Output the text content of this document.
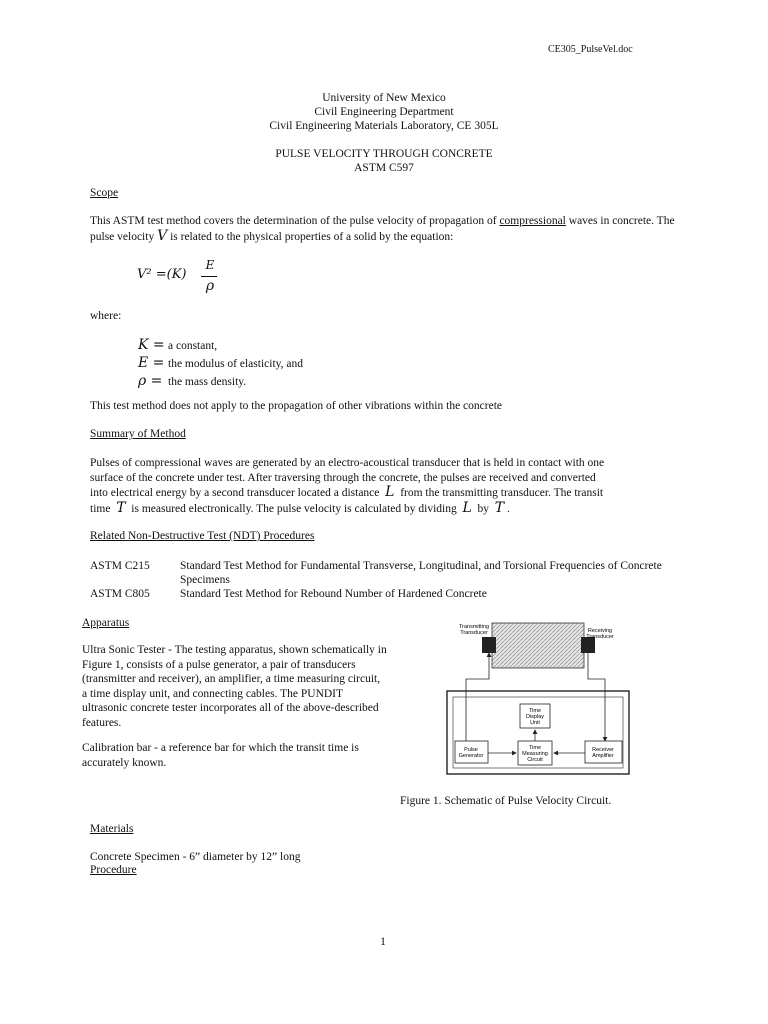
CE305_PulseVel.doc
University of New Mexico
Civil Engineering Department
Civil Engineering Materials Laboratory, CE 305L
PULSE VELOCITY THROUGH CONCRETE
ASTM C597
Scope
This ASTM test method covers the determination of the pulse velocity of propagation of compressional waves in concrete. The pulse velocity V is related to the physical properties of a solid by the equation:
V² =(K)
E
ρ
where:
K = a constant,
E = the modulus of elasticity, and
ρ = the mass density.
This test method does not apply to the propagation of other vibrations within the concrete
Summary of Method
Pulses of compressional waves are generated by an electro-acoustical transducer that is held in contact with one
surface of the concrete under test. After traversing through the concrete, the pulses are received and converted
into electrical energy by a second transducer located a distance L from the transmitting transducer. The transit
time T is measured electronically. The pulse velocity is calculated by dividing L by T .
Related Non-Destructive Test (NDT) Procedures
ASTM C215	Standard Test Method for Fundamental Transverse, Longitudinal, and Torsional Frequencies of Concrete Specimens
ASTM C805	Standard Test Method for Rebound Number of Hardened Concrete
Apparatus
Ultra Sonic Tester - The testing apparatus, shown schematically in Figure 1, consists of a pulse generator, a pair of transducers (transmitter and receiver), an amplifier, a time measuring circuit, a time display unit, and connecting cables. The PUNDIT ultrasonic concrete tester incorporates all of the above-described features.
Calibration bar - a reference bar for which the transit time is accurately known.
Transmitting
Transducer	Receiving
Transducer
Time
Display
Unit
Pulse
Generator
Time
Measuring
Circuit
Receiver
Amplifier
Figure 1. Schematic of Pulse Velocity Circuit.
Materials
Concrete Specimen - 6” diameter by 12” long
Procedure
1
